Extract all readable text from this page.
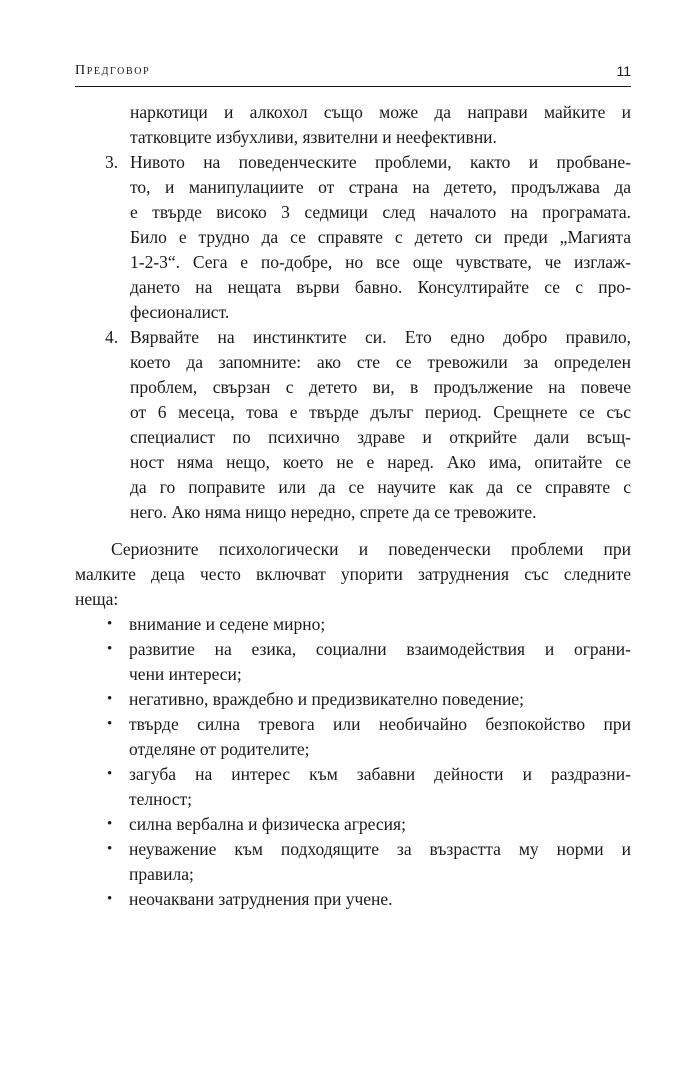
Предговор	11
наркотици и алкохол също може да направи майките и
татковците избухливи, язвителни и неефективни.
3. Нивото на поведенческите проблеми, както и пробване-
то, и манипулациите от страна на детето, продължава да
е твърде високо 3 седмици след началото на програмата.
Било е трудно да се справяте с детето си преди „Магията
1-2-3“. Сега е по-добре, но все още чувствате, че изглаж-
дането на нещата върви бавно. Консултирайте се с про-
фесионалист.
4. Вярвайте на инстинктите си. Ето едно добро правило,
което да запомните: ако сте се тревожили за определен
проблем, свързан с детето ви, в продължение на повече
от 6 месеца, това е твърде дълъг период. Срещнете се със
специалист по психично здраве и открийте дали всъщ-
ност няма нещо, което не е наред. Ако има, опитайте се
да го поправите или да се научите как да се справяте с
него. Ако няма нищо нередно, спрете да се тревожите.
Сериозните психологически и поведенчески проблеми при
малките деца често включват упорити затруднения със следните
неща:
• внимание и седене мирно;
• развитие на езика, социални взаимодействия и ограни-
чени интереси;
• негативно, враждебно и предизвикателно поведение;
• твърде силна тревога или необичайно безпокойство при
отделяне от родителите;
• загуба на интерес към забавни дейности и раздразни-
телност;
• силна вербална и физическа агресия;
• неуважение към подходящите за възрастта му норми и
правила;
• неочаквани затруднения при учене.
